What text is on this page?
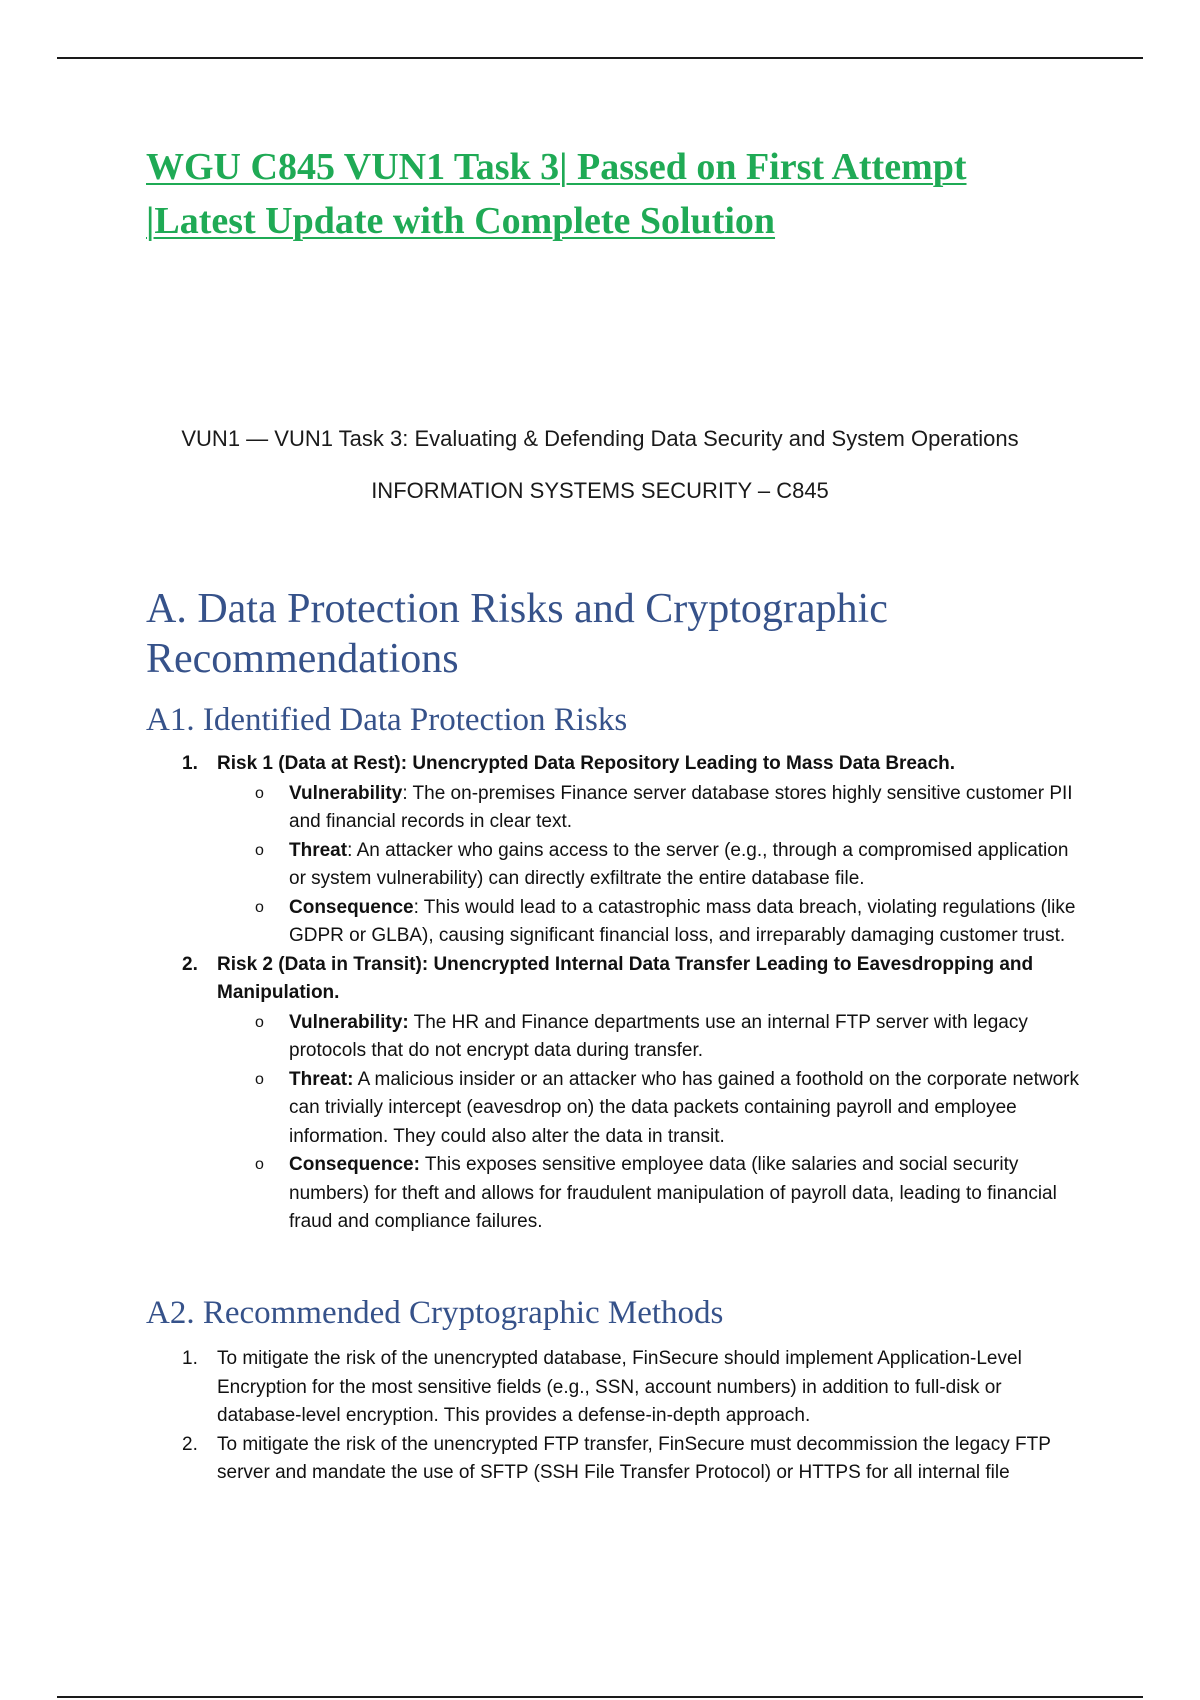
WGU C845 VUN1 Task 3| Passed on First Attempt |Latest Update with Complete Solution
VUN1 — VUN1 Task 3: Evaluating & Defending Data Security and System Operations
INFORMATION SYSTEMS SECURITY – C845
A. Data Protection Risks and Cryptographic Recommendations
A1. Identified Data Protection Risks
1. Risk 1 (Data at Rest): Unencrypted Data Repository Leading to Mass Data Breach.
o Vulnerability: The on-premises Finance server database stores highly sensitive customer PII and financial records in clear text.
o Threat: An attacker who gains access to the server (e.g., through a compromised application or system vulnerability) can directly exfiltrate the entire database file.
o Consequence: This would lead to a catastrophic mass data breach, violating regulations (like GDPR or GLBA), causing significant financial loss, and irreparably damaging customer trust.
2. Risk 2 (Data in Transit): Unencrypted Internal Data Transfer Leading to Eavesdropping and Manipulation.
o Vulnerability: The HR and Finance departments use an internal FTP server with legacy protocols that do not encrypt data during transfer.
o Threat: A malicious insider or an attacker who has gained a foothold on the corporate network can trivially intercept (eavesdrop on) the data packets containing payroll and employee information. They could also alter the data in transit.
o Consequence: This exposes sensitive employee data (like salaries and social security numbers) for theft and allows for fraudulent manipulation of payroll data, leading to financial fraud and compliance failures.
A2. Recommended Cryptographic Methods
1. To mitigate the risk of the unencrypted database, FinSecure should implement Application-Level Encryption for the most sensitive fields (e.g., SSN, account numbers) in addition to full-disk or database-level encryption. This provides a defense-in-depth approach.
2. To mitigate the risk of the unencrypted FTP transfer, FinSecure must decommission the legacy FTP server and mandate the use of SFTP (SSH File Transfer Protocol) or HTTPS for all internal file
